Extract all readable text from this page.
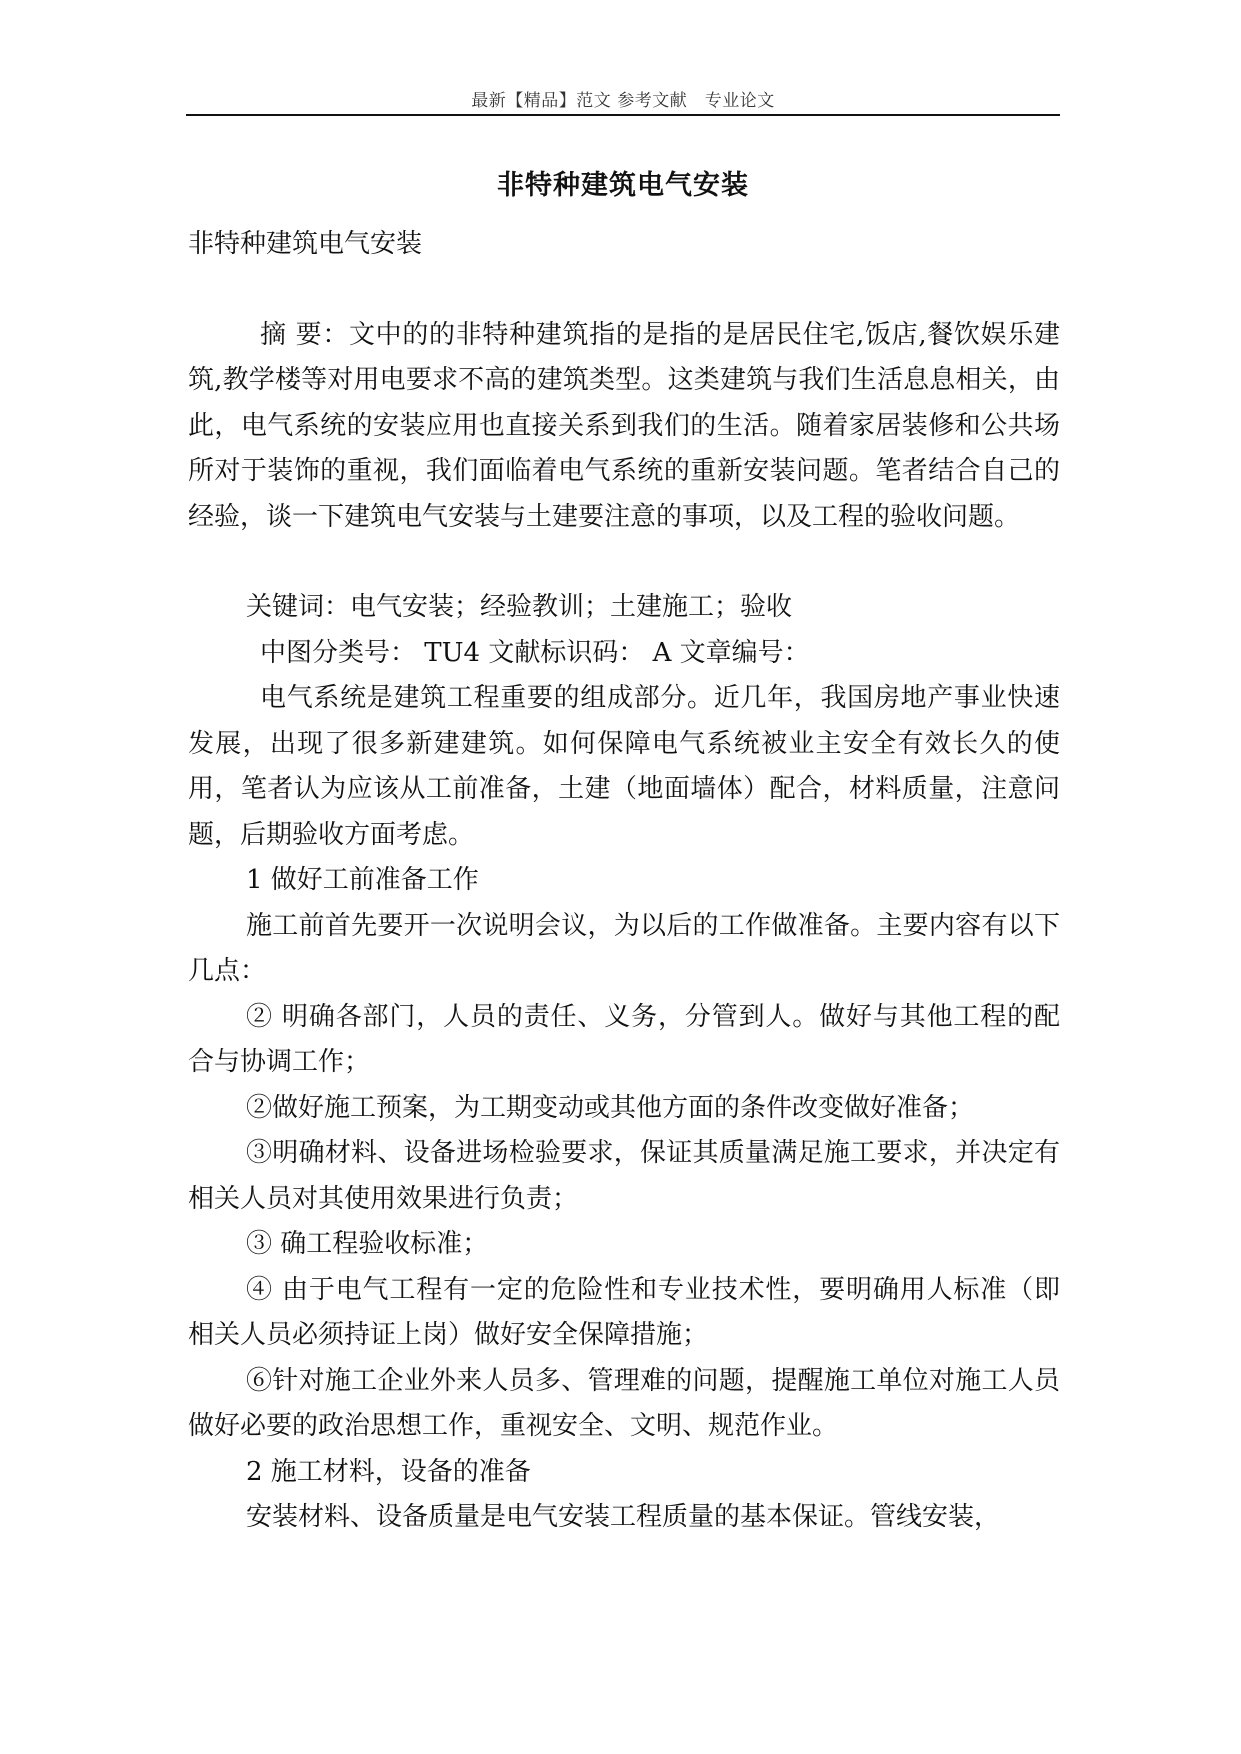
最新【精品】范文 参考文献　专业论文
非特种建筑电气安装

非特种建筑电气安装

摘 要：文中的的非特种建筑指的是指的是居民住宅,饭店,餐饮娱乐建筑,教学楼等对用电要求不高的建筑类型。这类建筑与我们生活息息相关，由此，电气系统的安装应用也直接关系到我们的生活。随着家居装修和公共场所对于装饰的重视，我们面临着电气系统的重新安装问题。笔者结合自己的经验，谈一下建筑电气安装与土建要注意的事项，以及工程的验收问题。

关键词：电气安装；经验教训；土建施工；验收

中图分类号： TU4 文献标识码： A 文章编号：

电气系统是建筑工程重要的组成部分。近几年，我国房地产事业快速发展，出现了很多新建建筑。如何保障电气系统被业主安全有效长久的使用，笔者认为应该从工前准备，土建（地面墙体）配合，材料质量，注意问题，后期验收方面考虑。

1 做好工前准备工作

施工前首先要开一次说明会议，为以后的工作做准备。主要内容有以下几点：

② 明确各部门，人员的责任、义务，分管到人。做好与其他工程的配合与协调工作；

②做好施工预案，为工期变动或其他方面的条件改变做好准备；

③明确材料、设备进场检验要求，保证其质量满足施工要求，并决定有相关人员对其使用效果进行负责；

③ 确工程验收标准；

④ 由于电气工程有一定的危险性和专业技术性，要明确用人标准（即相关人员必须持证上岗）做好安全保障措施；

⑥针对施工企业外来人员多、管理难的问题，提醒施工单位对施工人员做好必要的政治思想工作，重视安全、文明、规范作业。

2 施工材料，设备的准备

安装材料、设备质量是电气安装工程质量的基本保证。管线安装，
